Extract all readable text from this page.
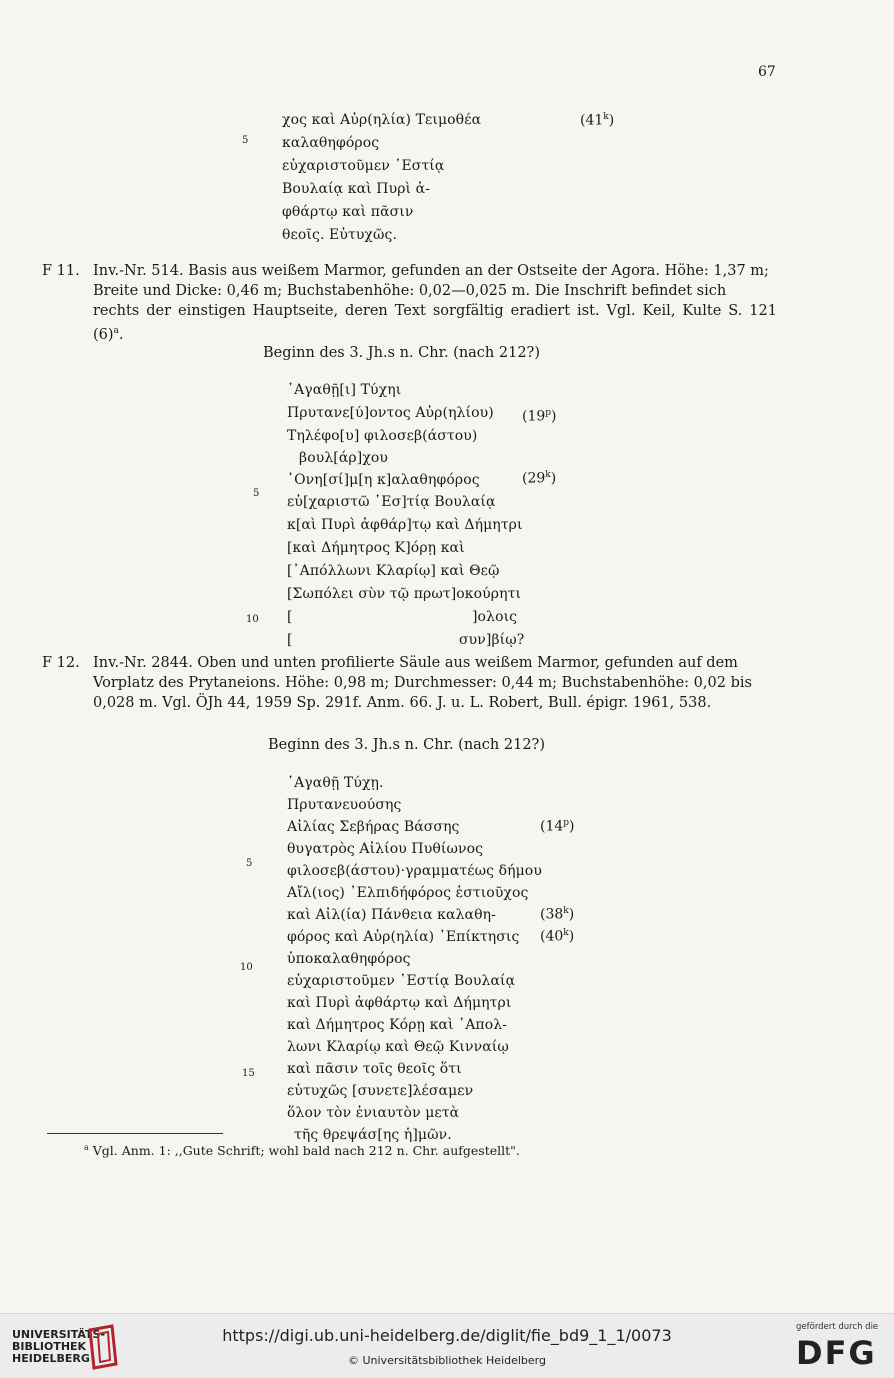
67
χος καὶ Αὐρ(ηλία) Τειμοθέα	(41$^k$)
5 καλαθηφόρος
εὐχαριστοῦμεν ῾Εστίᾳ
Βουλαίᾳ καὶ Πυρὶ ἀ-
φθάρτῳ καὶ πᾶσιν
θεοῖς. Εὐτυχῶς.
F 11. Inv.-Nr. 514. Basis aus weißem Marmor, gefunden an der Ostseite der Agora. Höhe: 1,37 m;
Breite und Dicke: 0,46 m; Buchstabenhöhe: 0,02—0,025 m. Die Inschrift befindet sich
rechts der einstigen Hauptseite, deren Text sorgfältig eradiert ist. Vgl. Keil, Kulte S. 121 $(6)^a$.
Beginn des 3. Jh.s n. Chr. (nach 212?)
᾿Αγαθῇ[ι] Τύχηι
Πρυτανε[ύ]οντος Αὐρ(ηλίου)
Τηλέφο[υ] φιλοσεβ(άστου)
βουλ[άρ]χου
᾿Ονη[σί]μ[η κ]αλαθηφόρος
5
εὐ[χαριστῶ ῾Εσ]τίᾳ Βουλαίᾳ
κ[αὶ Πυρὶ ἀφθάρ]τῳ καὶ Δήμητρι
[καὶ Δήμητρος Κ]όρῃ καὶ
[᾿Απόλλωνι Κλαρίῳ] καὶ Θεῷ
[Σωπόλει σὺν τῷ πρωτ]οκούρητι
[	]ολοις
10
[	συν]βίῳ?
(19$^p$)
(29$^k$)
F 12. Inv.-Nr. 2844. Oben und unten profilierte Säule aus weißem Marmor, gefunden auf dem
Vorplatz des Prytaneions. Höhe: 0,98 m; Durchmesser: 0,44 m; Buchstabenhöhe: 0,02 bis
0,028 m. Vgl. ÖJh 44, 1959 Sp. 291f. Anm. 66. J. u. L. Robert, Bull. épigr. 1961, 538.
Beginn des 3. Jh.s n. Chr. (nach 212?)
᾿Αγαθῇ Τύχῃ.
Πρυτανευούσης
Αἰλίας Σεβήρας Βάσσης
θυγατρὸς Αἰλίου Πυθίωνος
5 φιλοσεβ(άστου)·γραμματέως δήμου
Αἴλ(ιος) ᾿Ελπιδήφόρος ἑστιοῦχος
καὶ Αἰλ(ία) Πάνθεια καλαθη-
φόρος καὶ Αὐρ(ηλία) ᾿Επίκτησις
ὑποκαλαθηφόρος
10
εὐχαριστοῦμεν ῾Εστίᾳ Βουλαίᾳ
καὶ Πυρὶ ἀφθάρτῳ καὶ Δήμητρι
καὶ Δήμητρος Κόρῃ καὶ ᾿Απολ-
λωνι Κλαρίῳ καὶ Θεῷ Κινναίῳ
καὶ πᾶσιν τοῖς θεοῖς ὅτι
15
εὐτυχῶς [συνετε]λέσαμεν
ὅλον τὸν ἐνιαυτὸν μετὰ
τῆς θρεψάσ[ης ἡ]μῶν.
(14$^p$)
(38$^k$)
(40$^k$)
$^a$ Vgl. Anm. 1: ,,Gute Schrift; wohl bald nach 212 n. Chr. aufgestellt".
UNIVERSITÄTS-
BIBLIOTHEK
HEIDELBERG
https://digi.ub.uni-heidelberg.de/diglit/fie_bd9_1_1/0073
© Universitätsbibliothek Heidelberg
gefördert durch die
DFG
